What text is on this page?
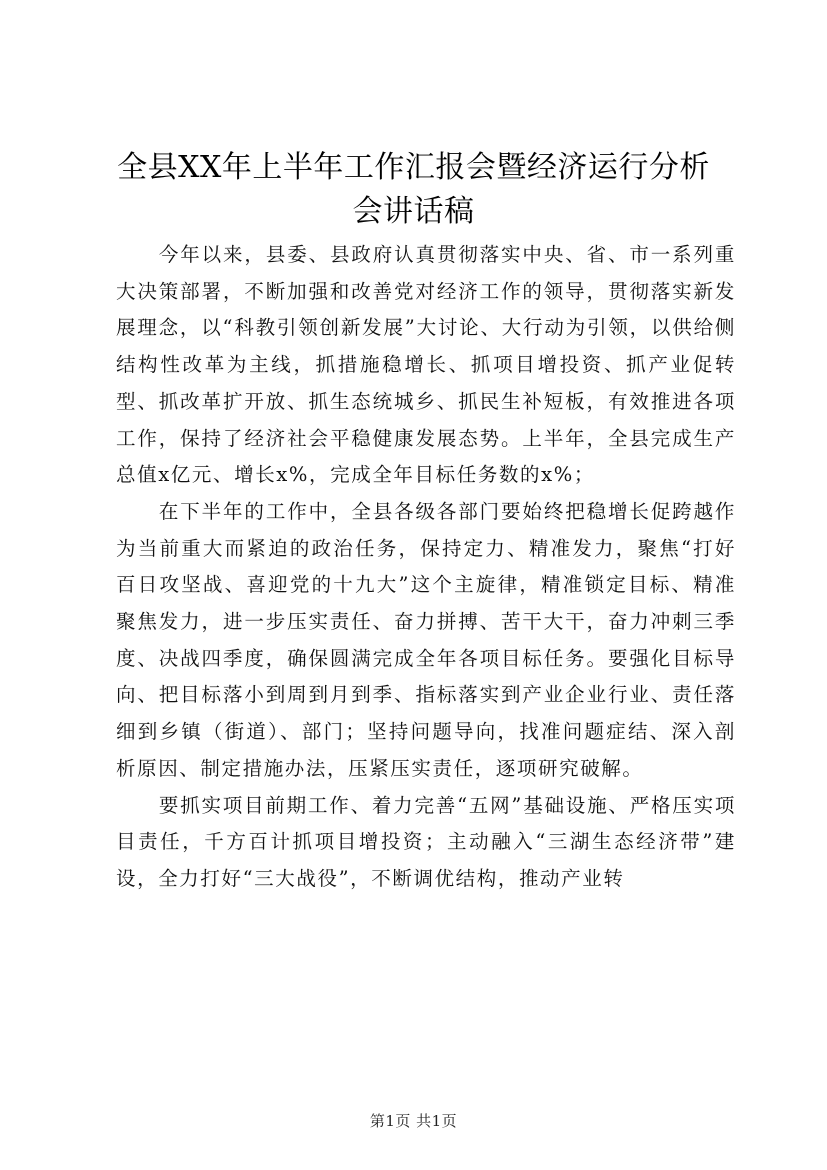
全县XX年上半年工作汇报会暨经济运行分析
会讲话稿

今年以来，县委、县政府认真贯彻落实中央、省、市一系列重大决策部署，不断加强和改善党对经济工作的领导，贯彻落实新发展理念，以“科教引领创新发展”大讨论、大行动为引领，以供给侧结构性改革为主线，抓措施稳增长、抓项目增投资、抓产业促转型、抓改革扩开放、抓生态统城乡、抓民生补短板，有效推进各项工作，保持了经济社会平稳健康发展态势。上半年，全县完成生产总值x亿元、增长x%，完成全年目标任务数的x%；

在下半年的工作中，全县各级各部门要始终把稳增长促跨越作为当前重大而紧迫的政治任务，保持定力、精准发力，聚焦“打好百日攻坚战、喜迎党的十九大”这个主旋律，精准锁定目标、精准聚焦发力，进一步压实责任、奋力拼搏、苦干大干，奋力冲刺三季度、决战四季度，确保圆满完成全年各项目标任务。要强化目标导向、把目标落小到周到月到季、指标落实到产业企业行业、责任落细到乡镇（街道）、部门；坚持问题导向，找准问题症结、深入剖析原因、制定措施办法，压紧压实责任，逐项研究破解。

要抓实项目前期工作、着力完善“五网”基础设施、严格压实项目责任，千方百计抓项目增投资；主动融入“三湖生态经济带”建设，全力打好“三大战役”，不断调优结构，推动产业转

第1页 共1页
